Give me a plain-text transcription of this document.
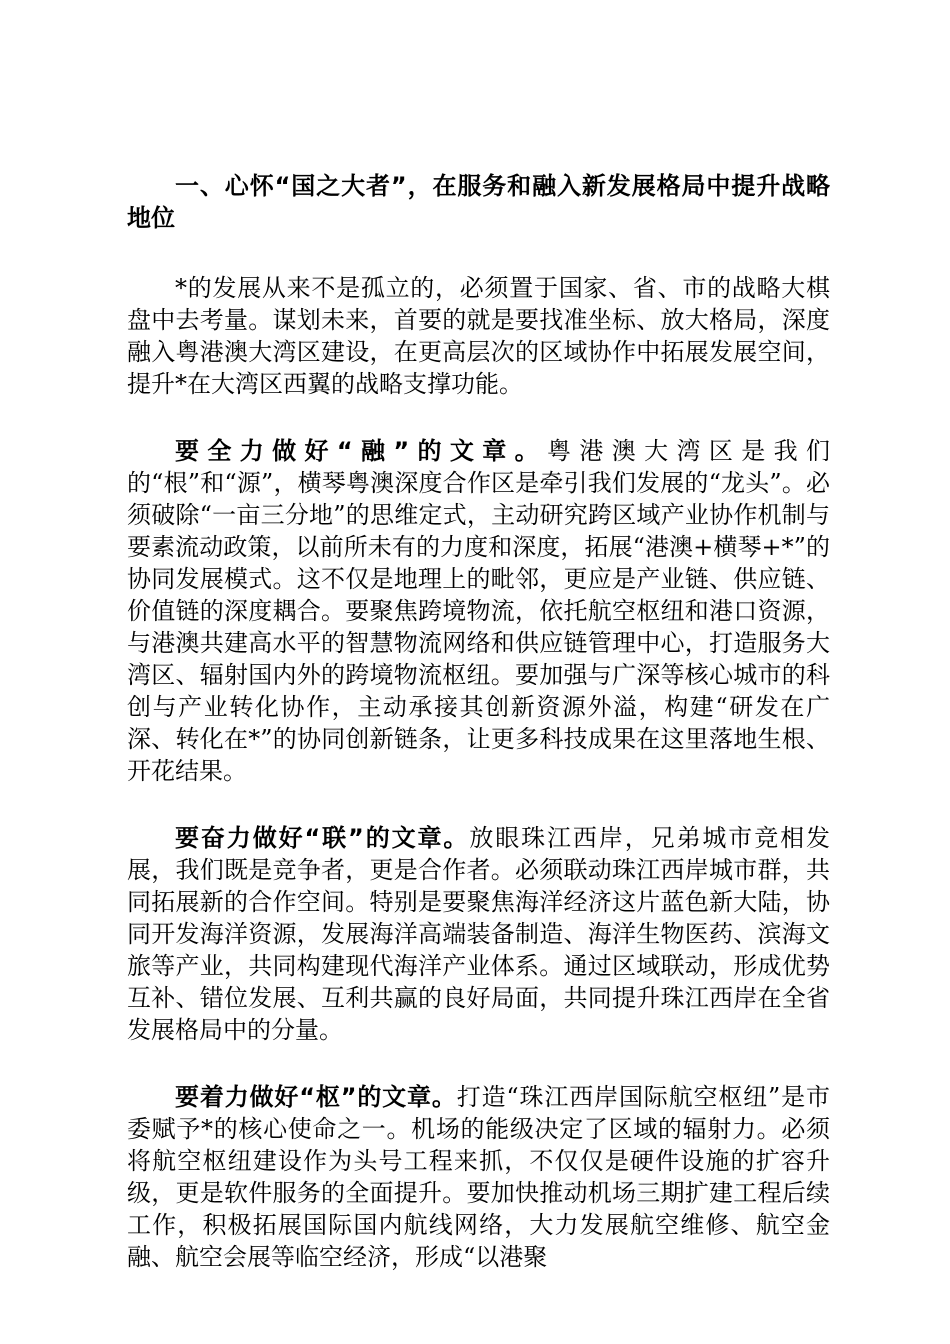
一、心怀“国之大者”，在服务和融入新发展格局中提升战略地位

*的发展从来不是孤立的，必须置于国家、省、市的战略大棋盘中去考量。谋划未来，首要的就是要找准坐标、放大格局，深度融入粤港澳大湾区建设，在更高层次的区域协作中拓展发展空间，提升*在大湾区西翼的战略支撑功能。

要全力做好“融”的文章。粤港澳大湾区是我们的“根”和“源”，横琴粤澳深度合作区是牵引我们发展的“龙头”。必须破除“一亩三分地”的思维定式，主动研究跨区域产业协作机制与要素流动政策，以前所未有的力度和深度，拓展“港澳+横琴+*”的协同发展模式。这不仅是地理上的毗邻，更应是产业链、供应链、价值链的深度耦合。要聚焦跨境物流，依托航空枢纽和港口资源，与港澳共建高水平的智慧物流网络和供应链管理中心，打造服务大湾区、辐射国内外的跨境物流枢纽。要加强与广深等核心城市的科创与产业转化协作，主动承接其创新资源外溢，构建“研发在广深、转化在*”的协同创新链条，让更多科技成果在这里落地生根、开花结果。

要奋力做好“联”的文章。放眼珠江西岸，兄弟城市竞相发展，我们既是竞争者，更是合作者。必须联动珠江西岸城市群，共同拓展新的合作空间。特别是要聚焦海洋经济这片蓝色新大陆，协同开发海洋资源，发展海洋高端装备制造、海洋生物医药、滨海文旅等产业，共同构建现代海洋产业体系。通过区域联动，形成优势互补、错位发展、互利共赢的良好局面，共同提升珠江西岸在全省发展格局中的分量。

要着力做好“枢”的文章。打造“珠江西岸国际航空枢纽”是市委赋予*的核心使命之一。机场的能级决定了区域的辐射力。必须将航空枢纽建设作为头号工程来抓，不仅仅是硬件设施的扩容升级，更是软件服务的全面提升。要加快推动机场三期扩建工程后续工作，积极拓展国际国内航线网络，大力发展航空维修、航空金融、航空会展等临空经济，形成“以港聚
